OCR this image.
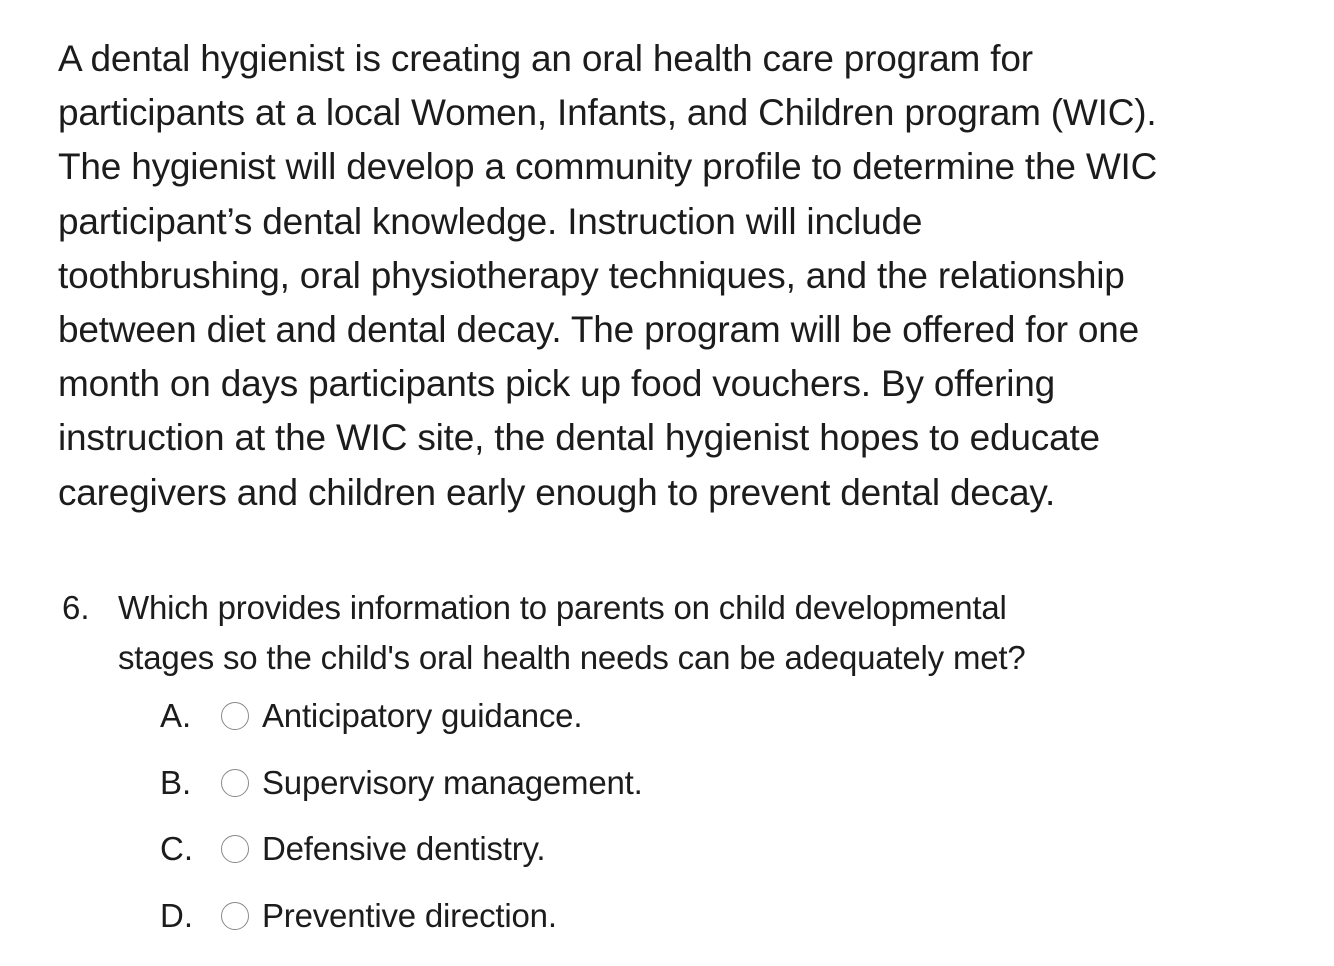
A dental hygienist is creating an oral health care program for
participants at a local Women, Infants, and Children program (WIC).
The hygienist will develop a community profile to determine the WIC
participant’s dental knowledge. Instruction will include
toothbrushing, oral physiotherapy techniques, and the relationship
between diet and dental decay. The program will be offered for one
month on days participants pick up food vouchers. By offering
instruction at the WIC site, the dental hygienist hopes to educate
caregivers and children early enough to prevent dental decay.
6. Which provides information to parents on child developmental
stages so the child's oral health needs can be adequately met?
A.	Anticipatory guidance.
B.	Supervisory management.
C.	Defensive dentistry.
D.	Preventive direction.
